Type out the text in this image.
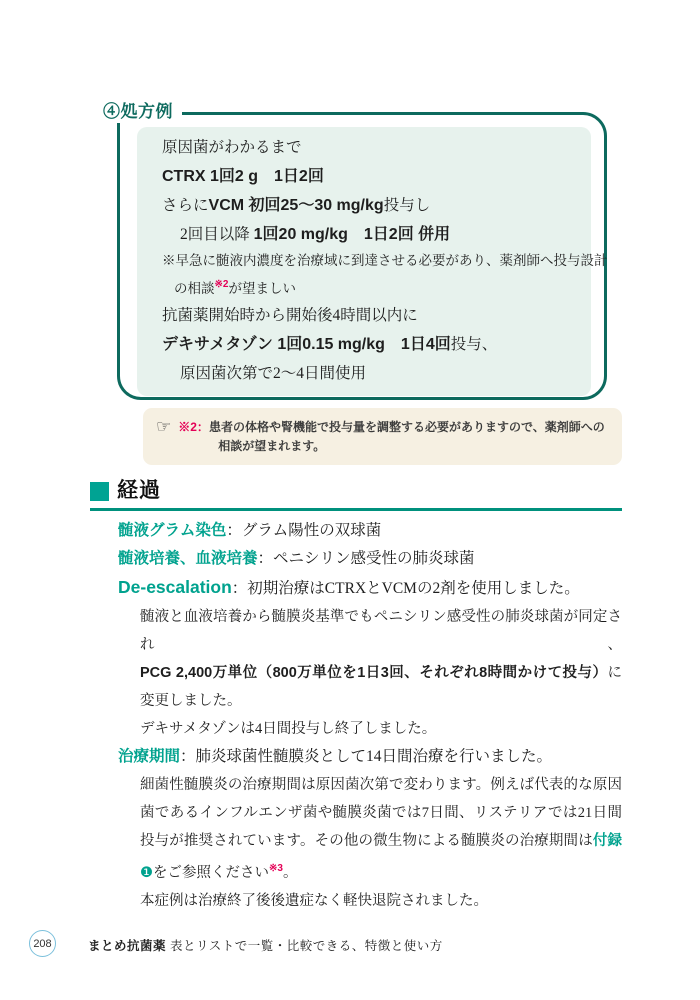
④処方例
原因菌がわかるまで
CTRX 1回2 g　1日2回
さらにVCM 初回25～30 mg/kg投与し
2回目以降 1回20 mg/kg　1日2回 併用
※早急に髄液内濃度を治療域に到達させる必要があり、薬剤師へ投与設計
の相談$^{※2}$が望ましい
抗菌薬開始時から開始後4時間以内に
デキサメタゾン 1回0.15 mg/kg　1日4回投与、
原因菌次第で2～4日間使用
☞ ※2：患者の体格や腎機能で投与量を調整する必要がありますので、薬剤師への相談が望まれます。
経過
髄液グラム染色：グラム陽性の双球菌
髄液培養、血液培養：ペニシリン感受性の肺炎球菌
De-escalation：初期治療はCTRXとVCMの2剤を使用しました。
髄液と血液培養から髄膜炎基準でもペニシリン感受性の肺炎球菌が同定され、PCG 2,400万単位（800万単位を1日3回、それぞれ8時間かけて投与）に変更しました。
デキサメタゾンは4日間投与し終了しました。
治療期間：肺炎球菌性髄膜炎として14日間治療を行いました。
細菌性髄膜炎の治療期間は原因菌次第で変わります。例えば代表的な原因菌であるインフルエンザ菌や髄膜炎菌では7日間、リステリアでは21日間投与が推奨されています。その他の微生物による髄膜炎の治療期間は付録❶をご参照ください$^{※3}$。
本症例は治療終了後後遺症なく軽快退院されました。
208	まとめ抗菌薬 表とリストで一覧・比較できる、特徴と使い方
